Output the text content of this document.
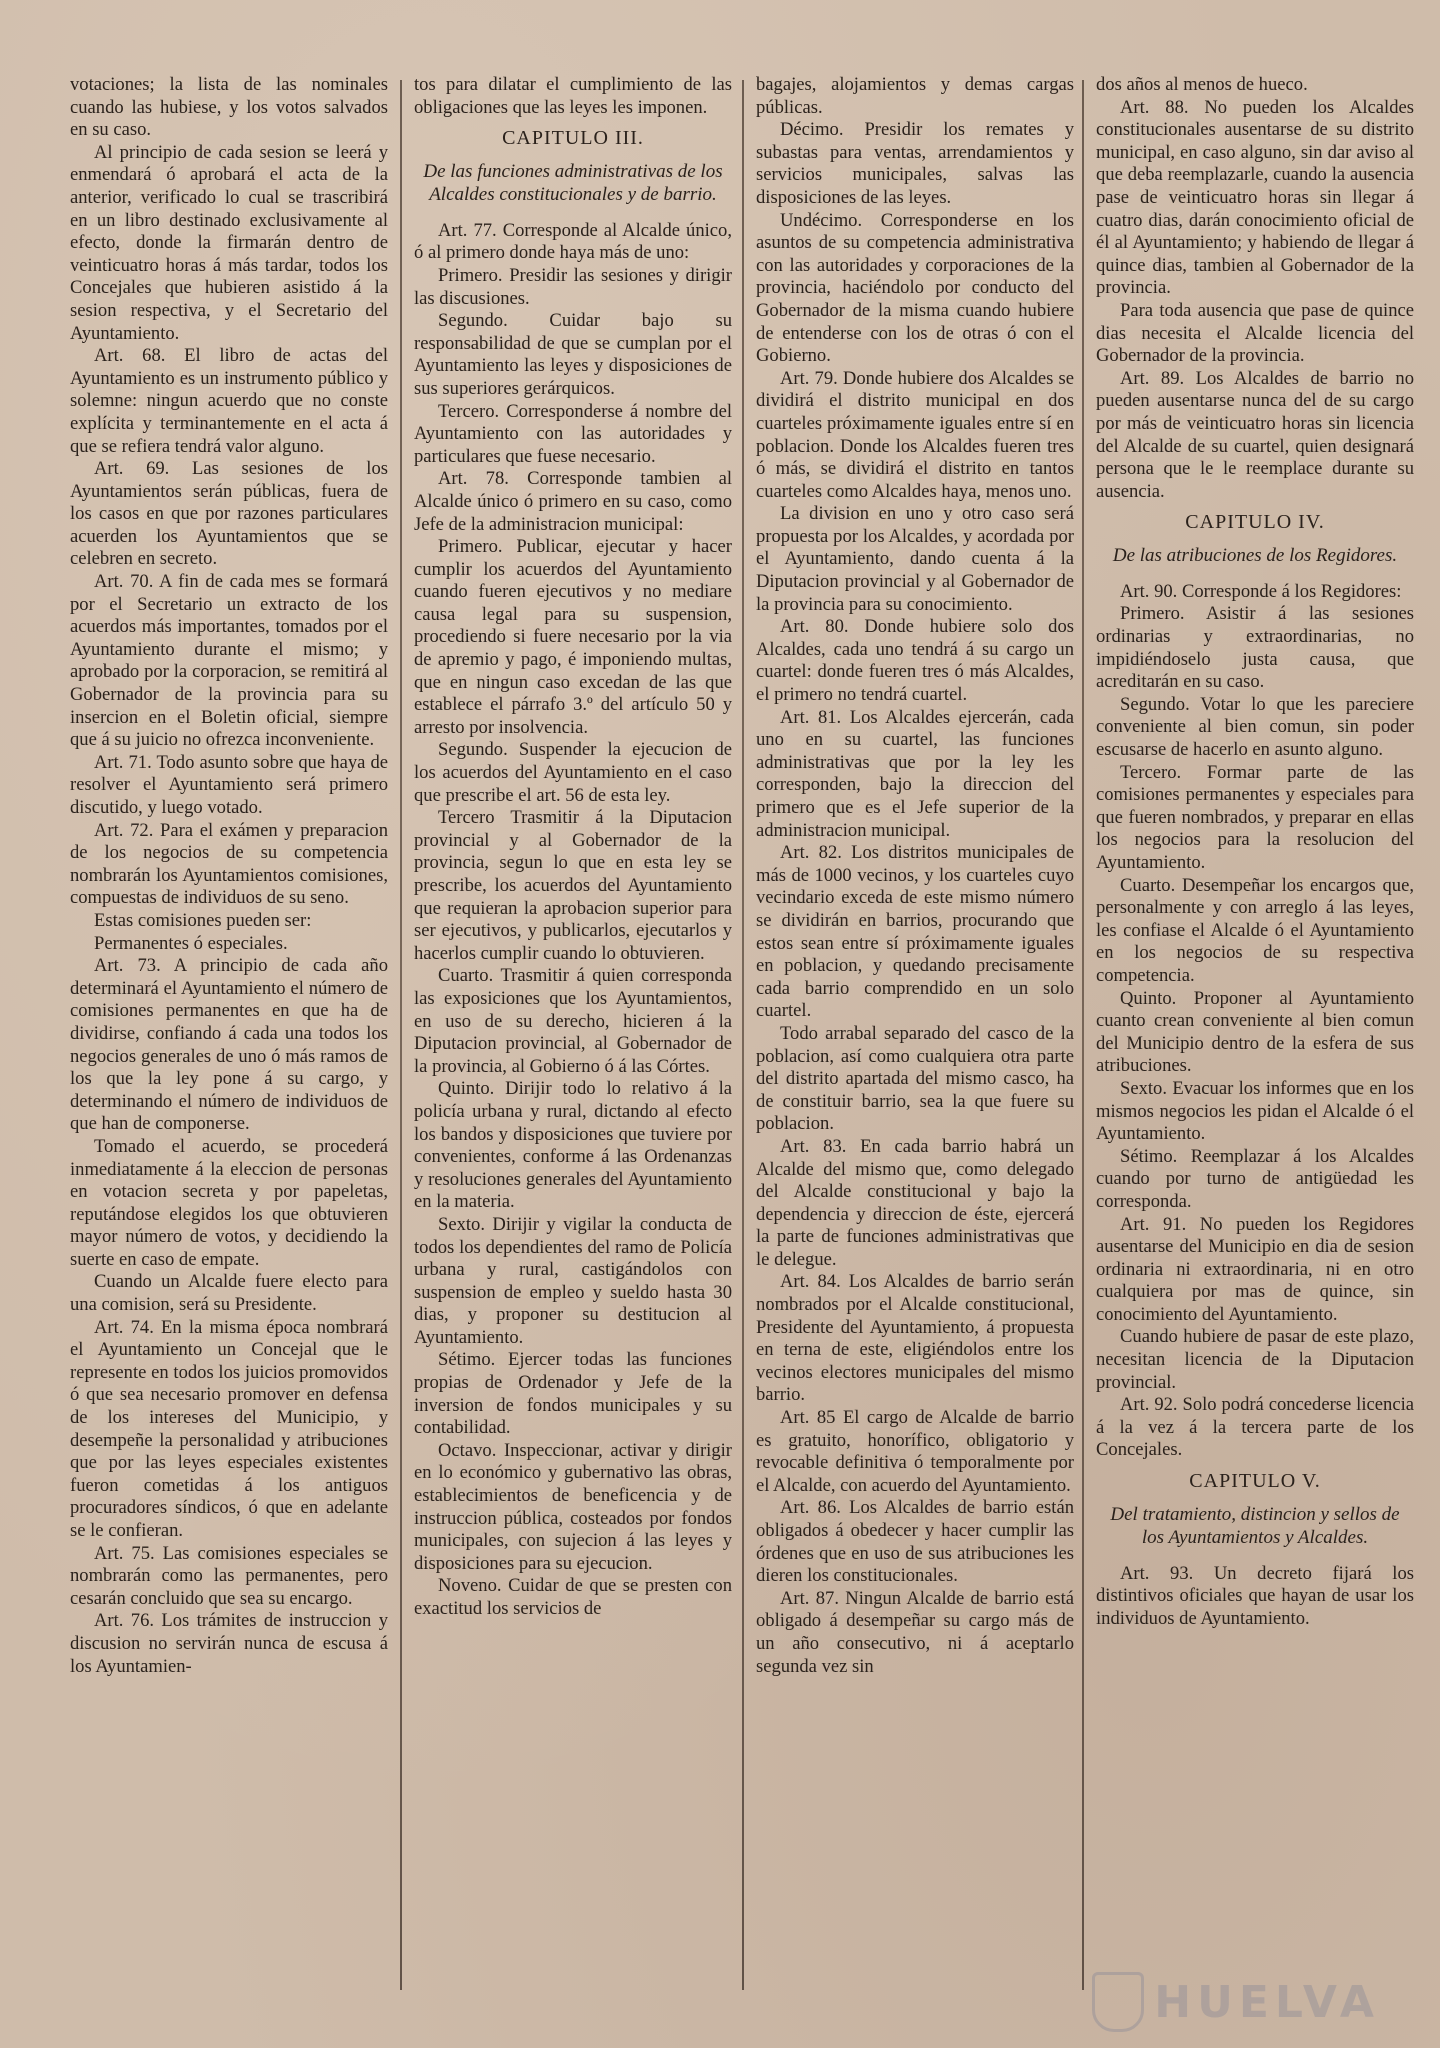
votaciones; la lista de las nominales cuando las hubiese, y los votos salvados en su caso.

Al principio de cada sesion se leerá y enmendará ó aprobará el acta de la anterior, verificado lo cual se trascribirá en un libro destinado exclusivamente al efecto, donde la firmarán dentro de veinticuatro horas á más tardar, todos los Concejales que hubieren asistido á la sesion respectiva, y el Secretario del Ayuntamiento.

Art. 68. El libro de actas del Ayuntamiento es un instrumento público y solemne: ningun acuerdo que no conste explícita y terminantemente en el acta á que se refiera tendrá valor alguno.

Art. 69. Las sesiones de los Ayuntamientos serán públicas, fuera de los casos en que por razones particulares acuerden los Ayuntamientos que se celebren en secreto.

Art. 70. A fin de cada mes se formará por el Secretario un extracto de los acuerdos más importantes, tomados por el Ayuntamiento durante el mismo; y aprobado por la corporacion, se remitirá al Gobernador de la provincia para su insercion en el Boletin oficial, siempre que á su juicio no ofrezca inconveniente.

Art. 71. Todo asunto sobre que haya de resolver el Ayuntamiento será primero discutido, y luego votado.

Art. 72. Para el exámen y preparacion de los negocios de su competencia nombrarán los Ayuntamientos comisiones, compuestas de individuos de su seno.

Estas comisiones pueden ser:

Permanentes ó especiales.

Art. 73. A principio de cada año determinará el Ayuntamiento el número de comisiones permanentes en que ha de dividirse, confiando á cada una todos los negocios generales de uno ó más ramos de los que la ley pone á su cargo, y determinando el número de individuos de que han de componerse.

Tomado el acuerdo, se procederá inmediatamente á la eleccion de personas en votacion secreta y por papeletas, reputándose elegidos los que obtuvieren mayor número de votos, y decidiendo la suerte en caso de empate.

Cuando un Alcalde fuere electo para una comision, será su Presidente.

Art. 74. En la misma época nombrará el Ayuntamiento un Concejal que le represente en todos los juicios promovidos ó que sea necesario promover en defensa de los intereses del Municipio, y desempeñe la personalidad y atribuciones que por las leyes especiales existentes fueron cometidas á los antiguos procuradores síndicos, ó que en adelante se le confieran.

Art. 75. Las comisiones especiales se nombrarán como las permanentes, pero cesarán concluido que sea su encargo.

Art. 76. Los trámites de instruccion y discusion no servirán nunca de escusa á los Ayuntamien-

tos para dilatar el cumplimiento de las obligaciones que las leyes les imponen.

CAPITULO III.

De las funciones administrativas de los Alcaldes constitucionales y de barrio.

Art. 77. Corresponde al Alcalde único, ó al primero donde haya más de uno:

Primero. Presidir las sesiones y dirigir las discusiones.

Segundo. Cuidar bajo su responsabilidad de que se cumplan por el Ayuntamiento las leyes y disposiciones de sus superiores gerárquicos.

Tercero. Corresponderse á nombre del Ayuntamiento con las autoridades y particulares que fuese necesario.

Art. 78. Corresponde tambien al Alcalde único ó primero en su caso, como Jefe de la administracion municipal:

Primero. Publicar, ejecutar y hacer cumplir los acuerdos del Ayuntamiento cuando fueren ejecutivos y no mediare causa legal para su suspension, procediendo si fuere necesario por la via de apremio y pago, é imponiendo multas, que en ningun caso excedan de las que establece el párrafo 3.º del artículo 50 y arresto por insolvencia.

Segundo. Suspender la ejecucion de los acuerdos del Ayuntamiento en el caso que prescribe el art. 56 de esta ley.

Tercero Trasmitir á la Diputacion provincial y al Gobernador de la provincia, segun lo que en esta ley se prescribe, los acuerdos del Ayuntamiento que requieran la aprobacion superior para ser ejecutivos, y publicarlos, ejecutarlos y hacerlos cumplir cuando lo obtuvieren.

Cuarto. Trasmitir á quien corresponda las exposiciones que los Ayuntamientos, en uso de su derecho, hicieren á la Diputacion provincial, al Gobernador de la provincia, al Gobierno ó á las Córtes.

Quinto. Dirijir todo lo relativo á la policía urbana y rural, dictando al efecto los bandos y disposiciones que tuviere por convenientes, conforme á las Ordenanzas y resoluciones generales del Ayuntamiento en la materia.

Sexto. Dirijir y vigilar la conducta de todos los dependientes del ramo de Policía urbana y rural, castigándolos con suspension de empleo y sueldo hasta 30 dias, y proponer su destitucion al Ayuntamiento.

Sétimo. Ejercer todas las funciones propias de Ordenador y Jefe de la inversion de fondos municipales y su contabilidad.

Octavo. Inspeccionar, activar y dirigir en lo económico y gubernativo las obras, establecimientos de beneficencia y de instruccion pública, costeados por fondos municipales, con sujecion á las leyes y disposiciones para su ejecucion.

Noveno. Cuidar de que se presten con exactitud los servicios de

bagajes, alojamientos y demas cargas públicas.

Décimo. Presidir los remates y subastas para ventas, arrendamientos y servicios municipales, salvas las disposiciones de las leyes.

Undécimo. Corresponderse en los asuntos de su competencia administrativa con las autoridades y corporaciones de la provincia, haciéndolo por conducto del Gobernador de la misma cuando hubiere de entenderse con los de otras ó con el Gobierno.

Art. 79. Donde hubiere dos Alcaldes se dividirá el distrito municipal en dos cuarteles próximamente iguales entre sí en poblacion. Donde los Alcaldes fueren tres ó más, se dividirá el distrito en tantos cuarteles como Alcaldes haya, menos uno.

La division en uno y otro caso será propuesta por los Alcaldes, y acordada por el Ayuntamiento, dando cuenta á la Diputacion provincial y al Gobernador de la provincia para su conocimiento.

Art. 80. Donde hubiere solo dos Alcaldes, cada uno tendrá á su cargo un cuartel: donde fueren tres ó más Alcaldes, el primero no tendrá cuartel.

Art. 81. Los Alcaldes ejercerán, cada uno en su cuartel, las funciones administrativas que por la ley les corresponden, bajo la direccion del primero que es el Jefe superior de la administracion municipal.

Art. 82. Los distritos municipales de más de 1000 vecinos, y los cuarteles cuyo vecindario exceda de este mismo número se dividirán en barrios, procurando que estos sean entre sí próximamente iguales en poblacion, y quedando precisamente cada barrio comprendido en un solo cuartel.

Todo arrabal separado del casco de la poblacion, así como cualquiera otra parte del distrito apartada del mismo casco, ha de constituir barrio, sea la que fuere su poblacion.

Art. 83. En cada barrio habrá un Alcalde del mismo que, como delegado del Alcalde constitucional y bajo la dependencia y direccion de éste, ejercerá la parte de funciones administrativas que le delegue.

Art. 84. Los Alcaldes de barrio serán nombrados por el Alcalde constitucional, Presidente del Ayuntamiento, á propuesta en terna de este, eligiéndolos entre los vecinos electores municipales del mismo barrio.

Art. 85 El cargo de Alcalde de barrio es gratuito, honorífico, obligatorio y revocable definitiva ó temporalmente por el Alcalde, con acuerdo del Ayuntamiento.

Art. 86. Los Alcaldes de barrio están obligados á obedecer y hacer cumplir las órdenes que en uso de sus atribuciones les dieren los constitucionales.

Art. 87. Ningun Alcalde de barrio está obligado á desempeñar su cargo más de un año consecutivo, ni á aceptarlo segunda vez sin

dos años al menos de hueco.

Art. 88. No pueden los Alcaldes constitucionales ausentarse de su distrito municipal, en caso alguno, sin dar aviso al que deba reemplazarle, cuando la ausencia pase de veinticuatro horas sin llegar á cuatro dias, darán conocimiento oficial de él al Ayuntamiento; y habiendo de llegar á quince dias, tambien al Gobernador de la provincia.

Para toda ausencia que pase de quince dias necesita el Alcalde licencia del Gobernador de la provincia.

Art. 89. Los Alcaldes de barrio no pueden ausentarse nunca del de su cargo por más de veinticuatro horas sin licencia del Alcalde de su cuartel, quien designará persona que le le reemplace durante su ausencia.

CAPITULO IV.

De las atribuciones de los Regidores.

Art. 90. Corresponde á los Regidores:

Primero. Asistir á las sesiones ordinarias y extraordinarias, no impidiéndoselo justa causa, que acreditarán en su caso.

Segundo. Votar lo que les pareciere conveniente al bien comun, sin poder escusarse de hacerlo en asunto alguno.

Tercero. Formar parte de las comisiones permanentes y especiales para que fueren nombrados, y preparar en ellas los negocios para la resolucion del Ayuntamiento.

Cuarto. Desempeñar los encargos que, personalmente y con arreglo á las leyes, les confiase el Alcalde ó el Ayuntamiento en los negocios de su respectiva competencia.

Quinto. Proponer al Ayuntamiento cuanto crean conveniente al bien comun del Municipio dentro de la esfera de sus atribuciones.

Sexto. Evacuar los informes que en los mismos negocios les pidan el Alcalde ó el Ayuntamiento.

Sétimo. Reemplazar á los Alcaldes cuando por turno de antigüedad les corresponda.

Art. 91. No pueden los Regidores ausentarse del Municipio en dia de sesion ordinaria ni extraordinaria, ni en otro cualquiera por mas de quince, sin conocimiento del Ayuntamiento.

Cuando hubiere de pasar de este plazo, necesitan licencia de la Diputacion provincial.

Art. 92. Solo podrá concederse licencia á la vez á la tercera parte de los Concejales.

CAPITULO V.

Del tratamiento, distincion y sellos de los Ayuntamientos y Alcaldes.

Art. 93. Un decreto fijará los distintivos oficiales que hayan de usar los individuos de Ayuntamiento.

HUELVA
